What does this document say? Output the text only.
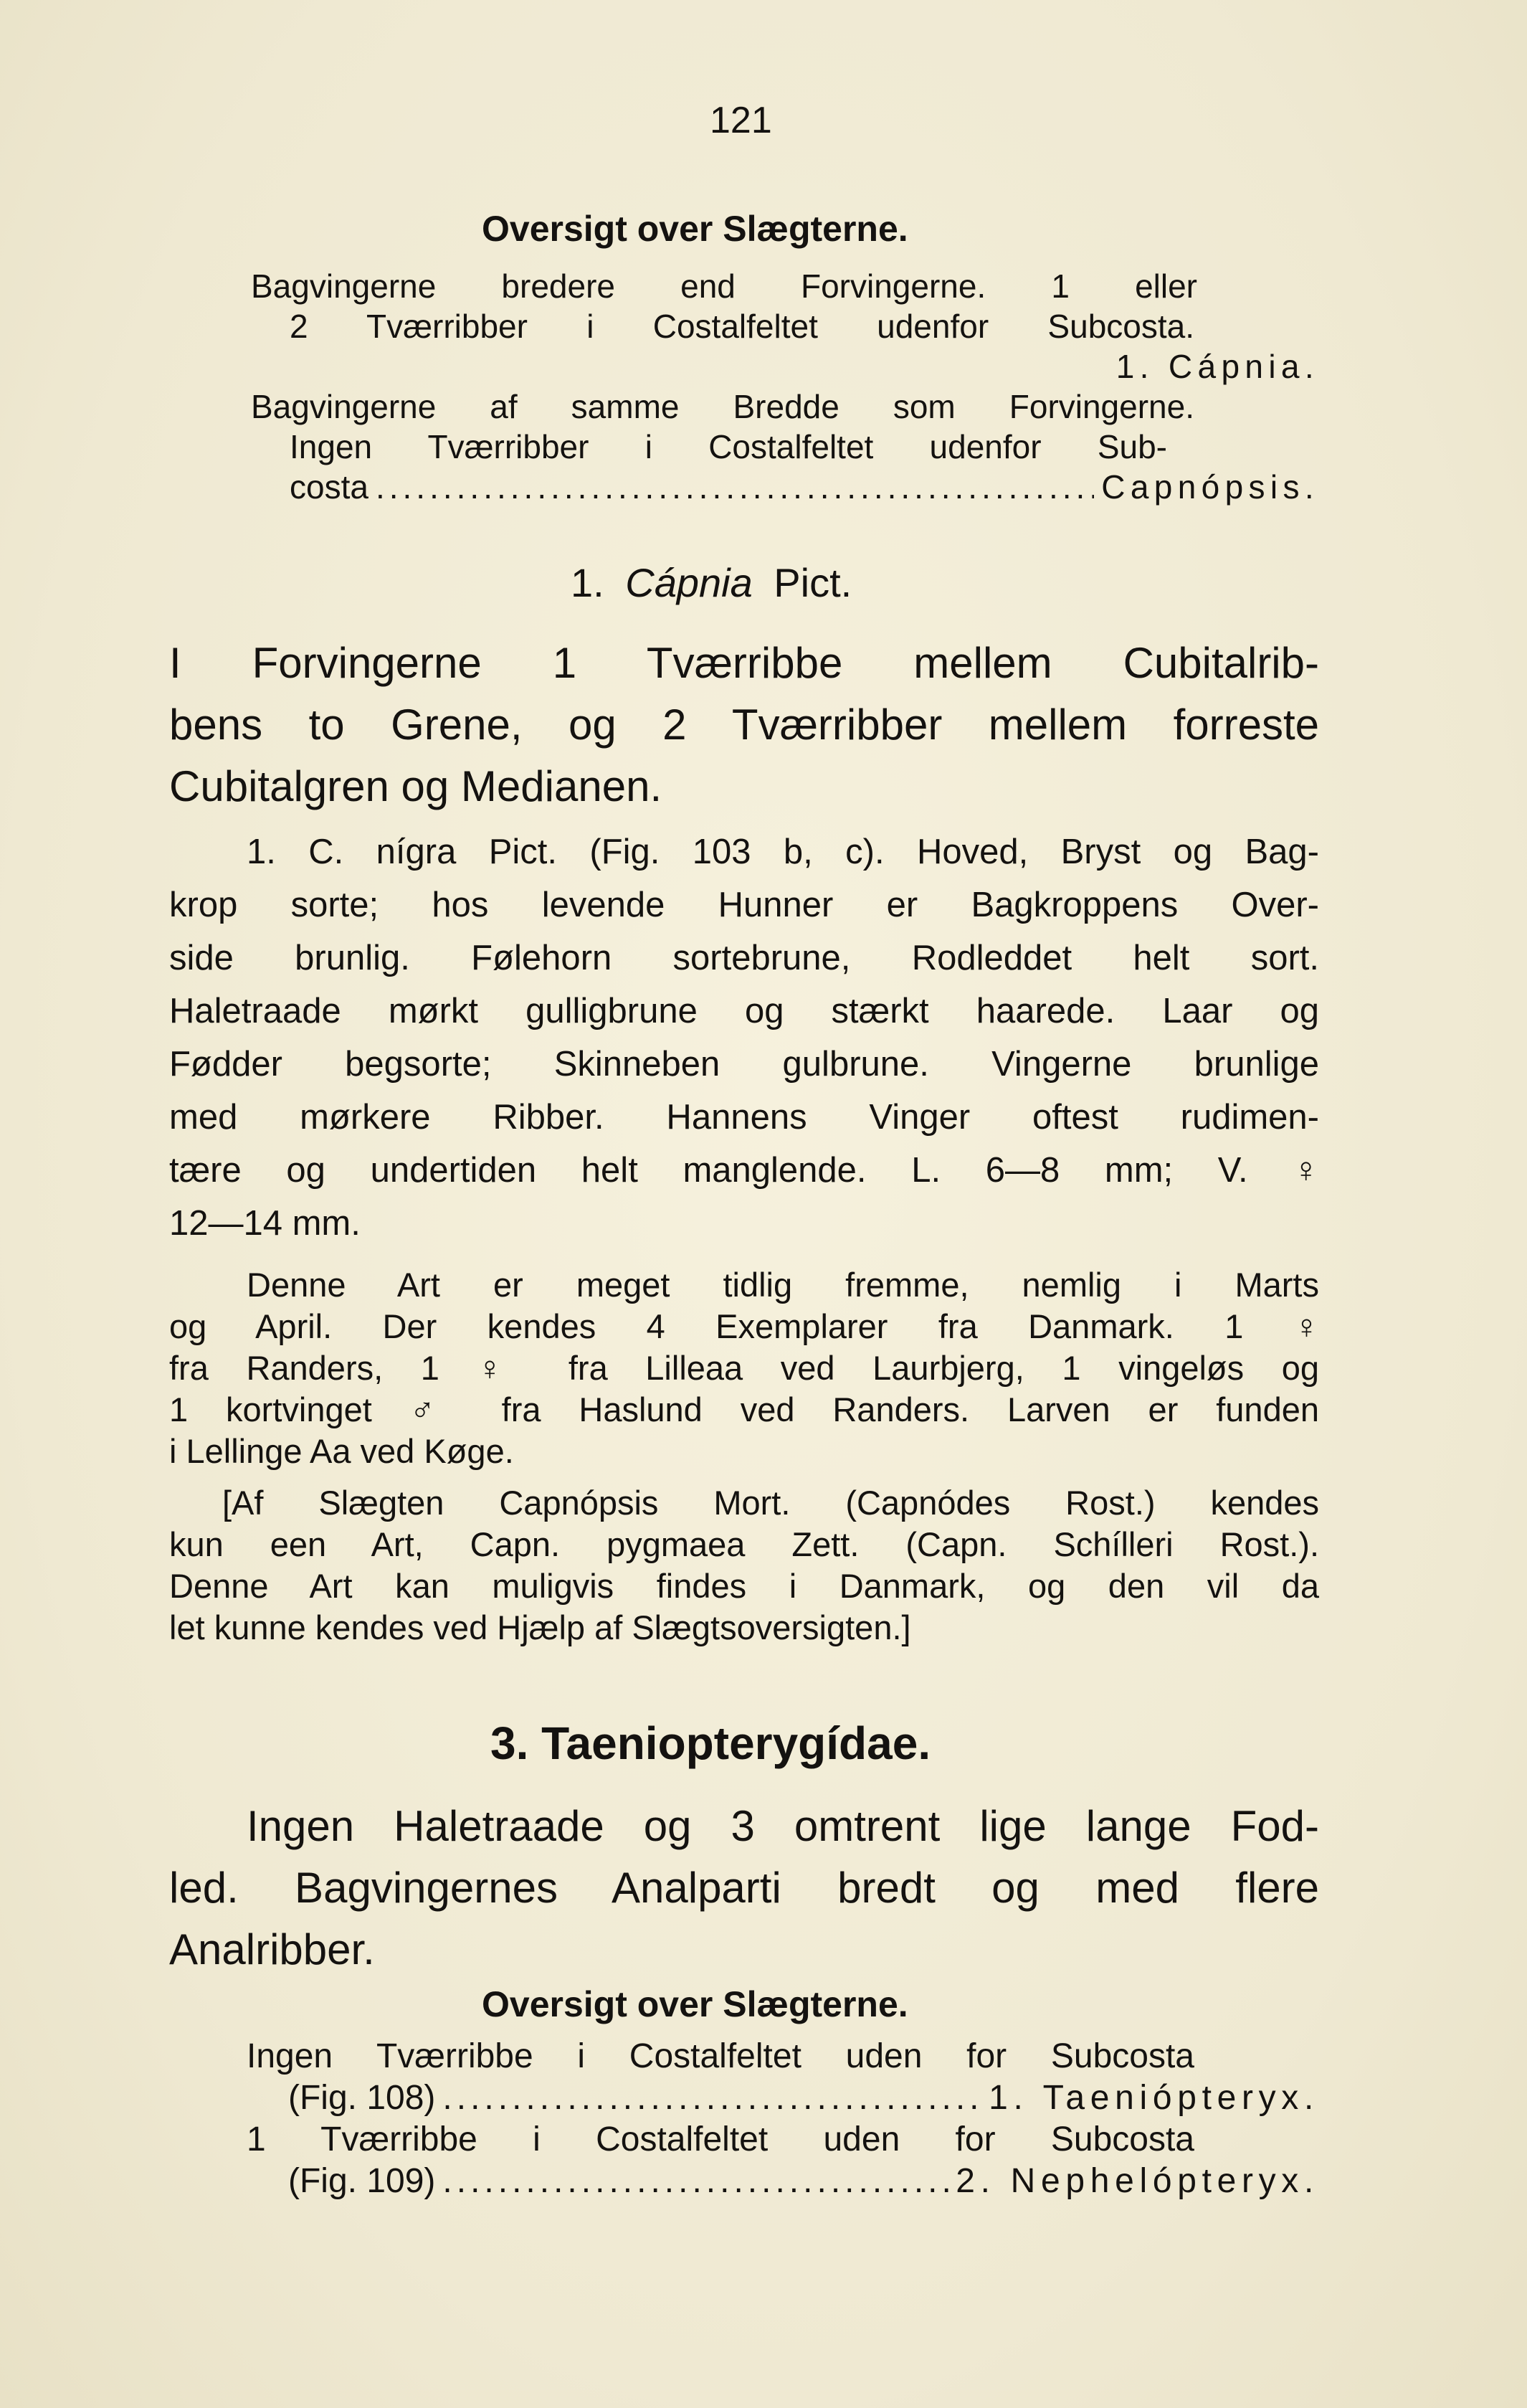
121
Oversigt over Slægterne.
Bagvingerne bredere end Forvingerne. 1 eller
2 Tværribber i Costalfeltet udenfor Subcosta.
1. Cápnia.
Bagvingerne af samme Bredde som Forvingerne.
Ingen Tværribber i Costalfeltet udenfor Sub-
costa .....	Capnópsis.
1. Cápnia Pict.
I Forvingerne 1 Tværribbe mellem Cubitalrib-
bens to Grene, og 2 Tværribber mellem forreste
Cubitalgren og Medianen.
1. C. nígra Pict. (Fig. 103 b, c). Hoved, Bryst og Bag-
krop sorte; hos levende Hunner er Bagkroppens Over-
side brunlig. Følehorn sortebrune, Rodleddet helt sort.
Haletraade mørkt gulligbrune og stærkt haarede. Laar og
Fødder begsorte; Skinneben gulbrune. Vingerne brunlige
med mørkere Ribber. Hannens Vinger oftest rudimen-
tære og undertiden helt manglende. L. 6—8 mm; V. ♀
12—14 mm.
Denne Art er meget tidlig fremme, nemlig i Marts
og April. Der kendes 4 Exemplarer fra Danmark. 1 ♀
fra Randers, 1 ♀ fra Lilleaa ved Laurbjerg, 1 vingeløs og
1 kortvinget ♂ fra Haslund ved Randers. Larven er funden
i Lellinge Aa ved Køge.
[Af Slægten Capnópsis Mort. (Capnódes Rost.) kendes
kun een Art, Capn. pygmaea Zett. (Capn. Schílleri Rost.).
Denne Art kan muligvis findes i Danmark, og den vil da
let kunne kendes ved Hjælp af Slægtsoversigten.]
3. Taeniopterygídae.
Ingen Haletraade og 3 omtrent lige lange Fod-
led. Bagvingernes Analparti bredt og med flere
Analribber.
Oversigt over Slægterne.
Ingen Tværribbe i Costalfeltet uden for Subcosta
(Fig. 108) .....	1. Taeniópteryx.
1 Tværribbe i Costalfeltet uden for Subcosta
(Fig. 109) .....	2. Nephelópteryx.
